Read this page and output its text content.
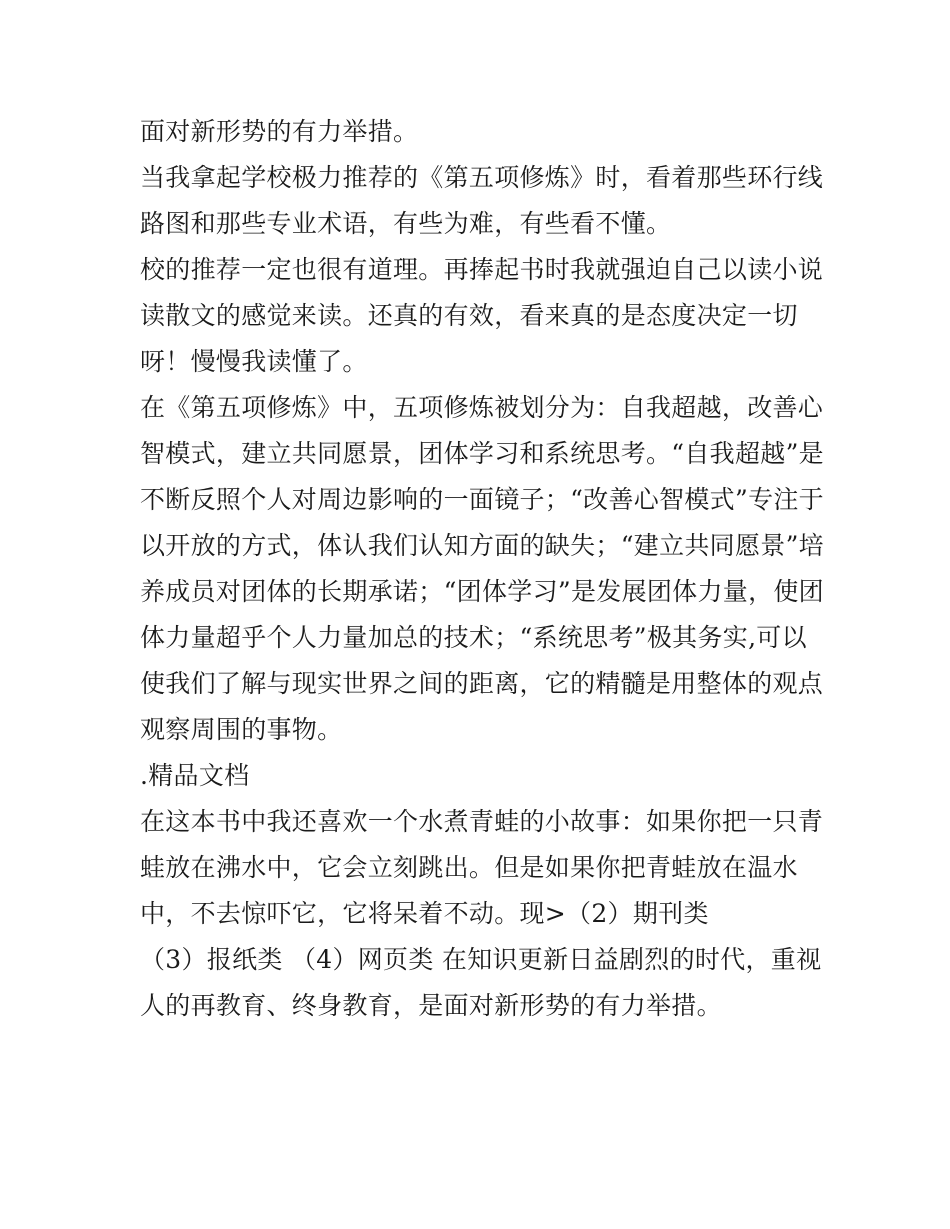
面对新形势的有力举措。
当我拿起学校极力推荐的《第五项修炼》时，看着那些环行线
路图和那些专业术语，有些为难，有些看不懂。
校的推荐一定也很有道理。再捧起书时我就强迫自己以读小说
读散文的感觉来读。还真的有效，看来真的是态度决定一切
呀！慢慢我读懂了。
在《第五项修炼》中，五项修炼被划分为：自我超越，改善心
智模式，建立共同愿景，团体学习和系统思考。“自我超越”是
不断反照个人对周边影响的一面镜子；“改善心智模式”专注于
以开放的方式，体认我们认知方面的缺失；“建立共同愿景”培
养成员对团体的长期承诺；“团体学习”是发展团体力量，使团
体力量超乎个人力量加总的技术；“系统思考”极其务实,可以
使我们了解与现实世界之间的距离，它的精髓是用整体的观点
观察周围的事物。
.精品文档
在这本书中我还喜欢一个水煮青蛙的小故事：如果你把一只青
蛙放在沸水中，它会立刻跳出。但是如果你把青蛙放在温水
中，不去惊吓它，它将呆着不动。现>（2）期刊类
（3）报纸类 （4）网页类 在知识更新日益剧烈的时代，重视
人的再教育、终身教育，是面对新形势的有力举措。
